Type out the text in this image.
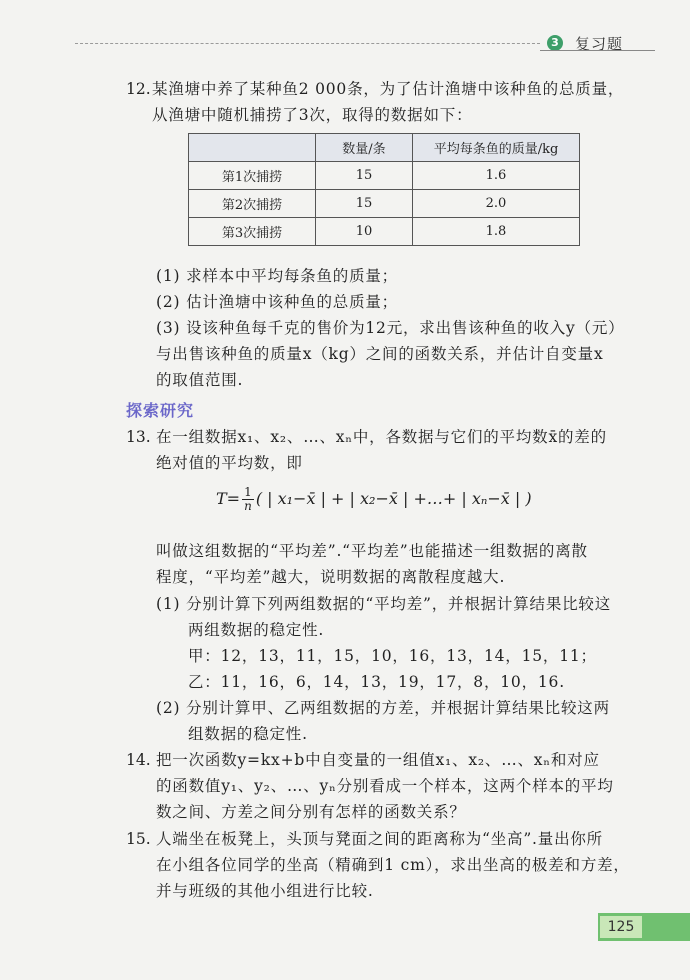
3 复习题
12. 某渔塘中养了某种鱼2 000条，为了估计渔塘中该种鱼的总质量，
从渔塘中随机捕捞了3次，取得的数据如下：
	数量/条	平均每条鱼的质量/kg
第1次捕捞	15	1.6
第2次捕捞	15	2.0
第3次捕捞	10	1.8
(1) 求样本中平均每条鱼的质量；
(2) 估计渔塘中该种鱼的总质量；
(3) 设该种鱼每千克的售价为12元，求出售该种鱼的收入y（元）
与出售该种鱼的质量x（kg）之间的函数关系，并估计自变量x
的取值范围.
探索研究
13. 在一组数据x₁、x₂、…、xₙ中，各数据与它们的平均数x̄的差的
绝对值的平均数，即
$T= \frac{1}{n}$ ( | x₁−x̄ | + | x₂−x̄ | +…+ | xₙ−x̄ | )
叫做这组数据的“平均差”.“平均差”也能描述一组数据的离散
程度，“平均差”越大，说明数据的离散程度越大.
(1) 分别计算下列两组数据的“平均差”，并根据计算结果比较这
两组数据的稳定性.
甲：12，13，11，15，10，16，13，14，15，11；
乙：11，16，6，14，13，19，17，8，10，16.
(2) 分别计算甲、乙两组数据的方差，并根据计算结果比较这两
组数据的稳定性.
14. 把一次函数y=kx+b中自变量的一组值x₁、x₂、…、xₙ和对应
的函数值y₁、y₂、…、yₙ分别看成一个样本，这两个样本的平均
数之间、方差之间分别有怎样的函数关系？
15. 人端坐在板凳上，头顶与凳面之间的距离称为“坐高”.量出你所
在小组各位同学的坐高（精确到1 cm），求出坐高的极差和方差，
并与班级的其他小组进行比较.
125
